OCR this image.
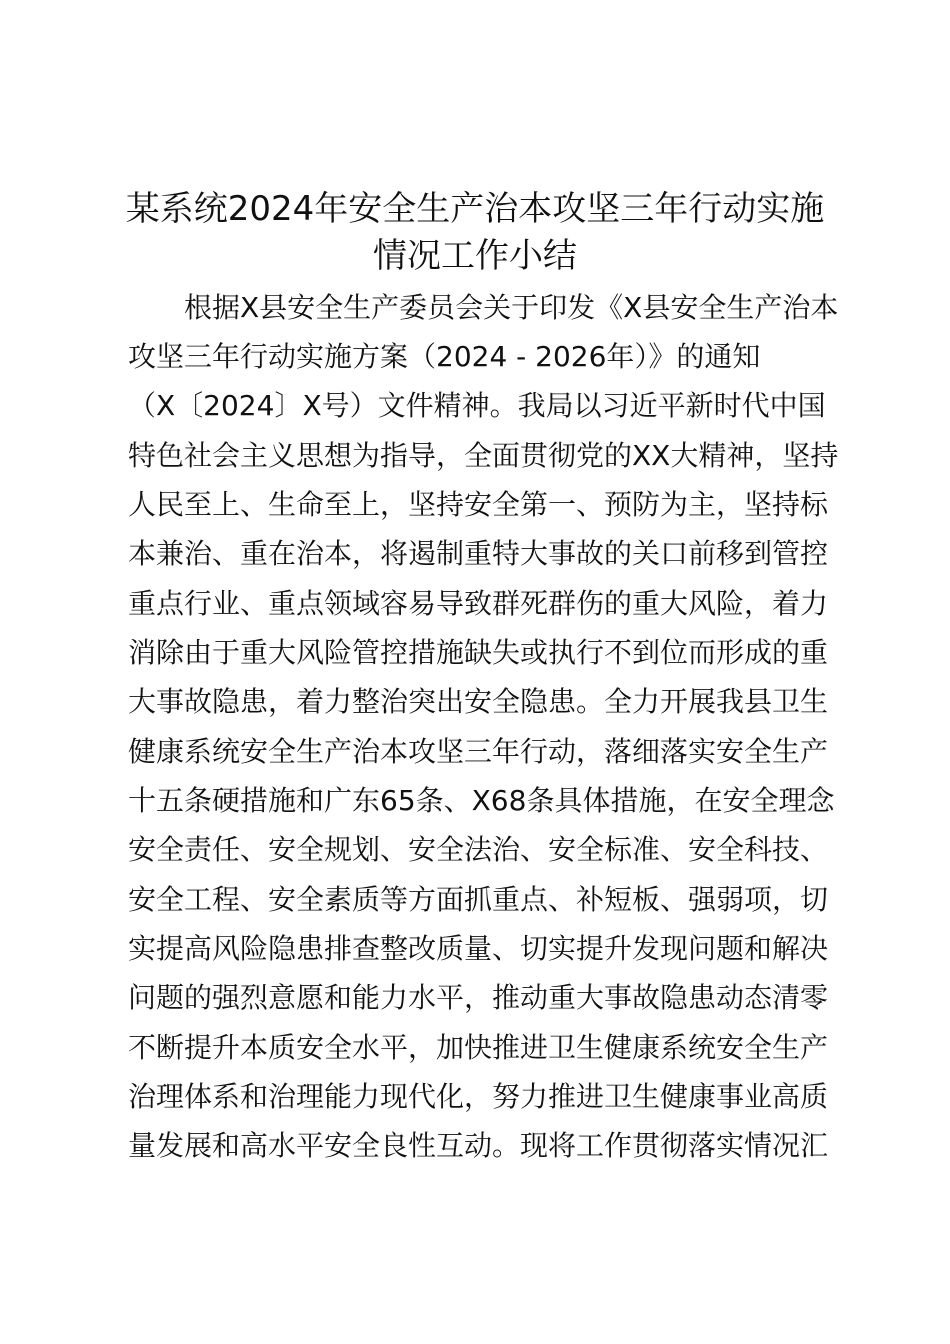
某系统2024年安全生产治本攻坚三年行动实施
情况工作小结
根据X县安全生产委员会关于印发《X县安全生产治本
攻坚三年行动实施方案（2024 - 2026年）》的通知
（X〔2024〕X号）文件精神。我局以习近平新时代中国
特色社会主义思想为指导，全面贯彻党的XX大精神，坚持
人民至上、生命至上，坚持安全第一、预防为主，坚持标
本兼治、重在治本，将遏制重特大事故的关口前移到管控
重点行业、重点领域容易导致群死群伤的重大风险，着力
消除由于重大风险管控措施缺失或执行不到位而形成的重
大事故隐患，着力整治突出安全隐患。全力开展我县卫生
健康系统安全生产治本攻坚三年行动，落细落实安全生产
十五条硬措施和广东65条、X68条具体措施，在安全理念
安全责任、安全规划、安全法治、安全标准、安全科技、
安全工程、安全素质等方面抓重点、补短板、强弱项，切
实提高风险隐患排查整改质量、切实提升发现问题和解决
问题的强烈意愿和能力水平，推动重大事故隐患动态清零
不断提升本质安全水平，加快推进卫生健康系统安全生产
治理体系和治理能力现代化，努力推进卫生健康事业高质
量发展和高水平安全良性互动。现将工作贯彻落实情况汇
